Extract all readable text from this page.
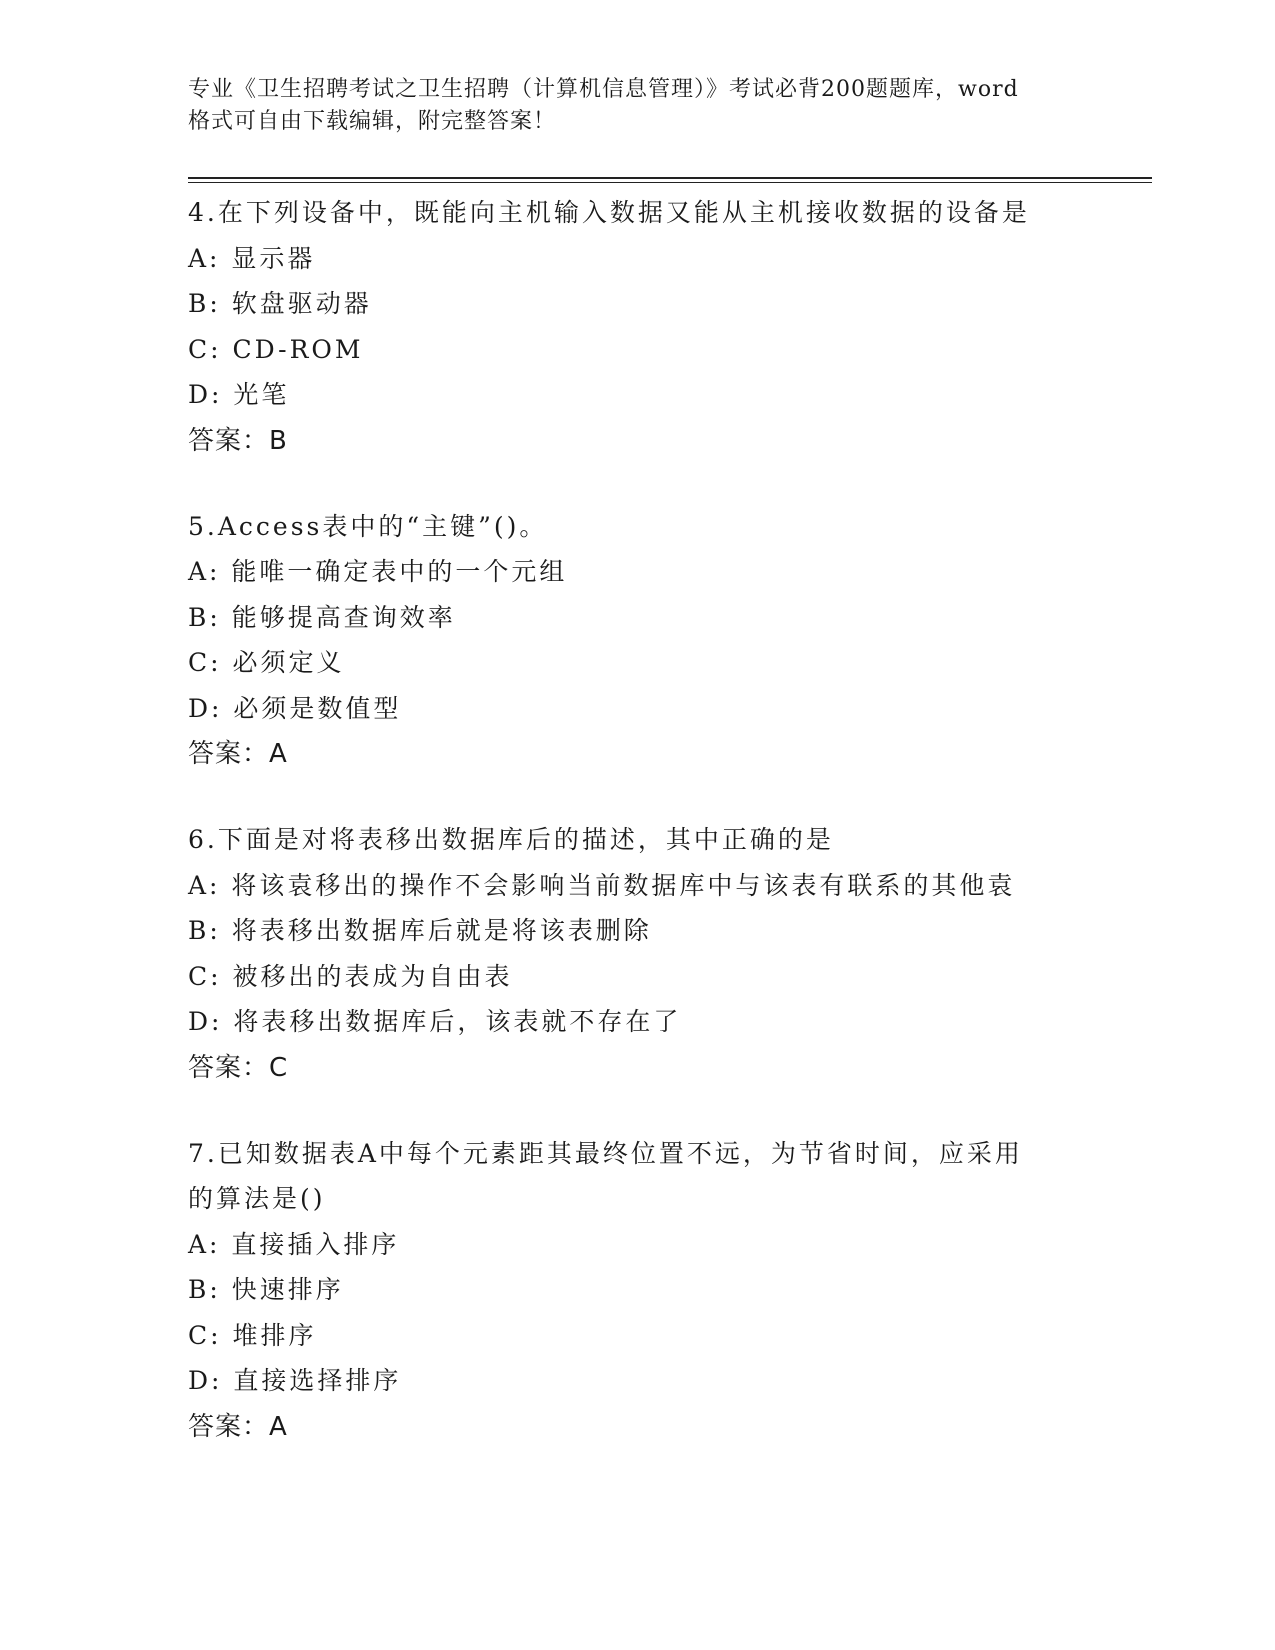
专业《卫生招聘考试之卫生招聘（计算机信息管理）》考试必背200题题库，word
格式可自由下载编辑，附完整答案！
4.在下列设备中，既能向主机输入数据又能从主机接收数据的设备是
A: 显示器
B: 软盘驱动器
C: CD-ROM
D: 光笔
答案：B
5.Access表中的“主键”()。
A: 能唯一确定表中的一个元组
B: 能够提高查询效率
C: 必须定义
D: 必须是数值型
答案：A
6.下面是对将表移出数据库后的描述，其中正确的是
A: 将该袁移出的操作不会影响当前数据库中与该表有联系的其他袁
B: 将表移出数据库后就是将该表删除
C: 被移出的表成为自由表
D: 将表移出数据库后，该表就不存在了
答案：C
7.已知数据表A中每个元素距其最终位置不远，为节省时间，应采用
的算法是()
A: 直接插入排序
B: 快速排序
C: 堆排序
D: 直接选择排序
答案：A
